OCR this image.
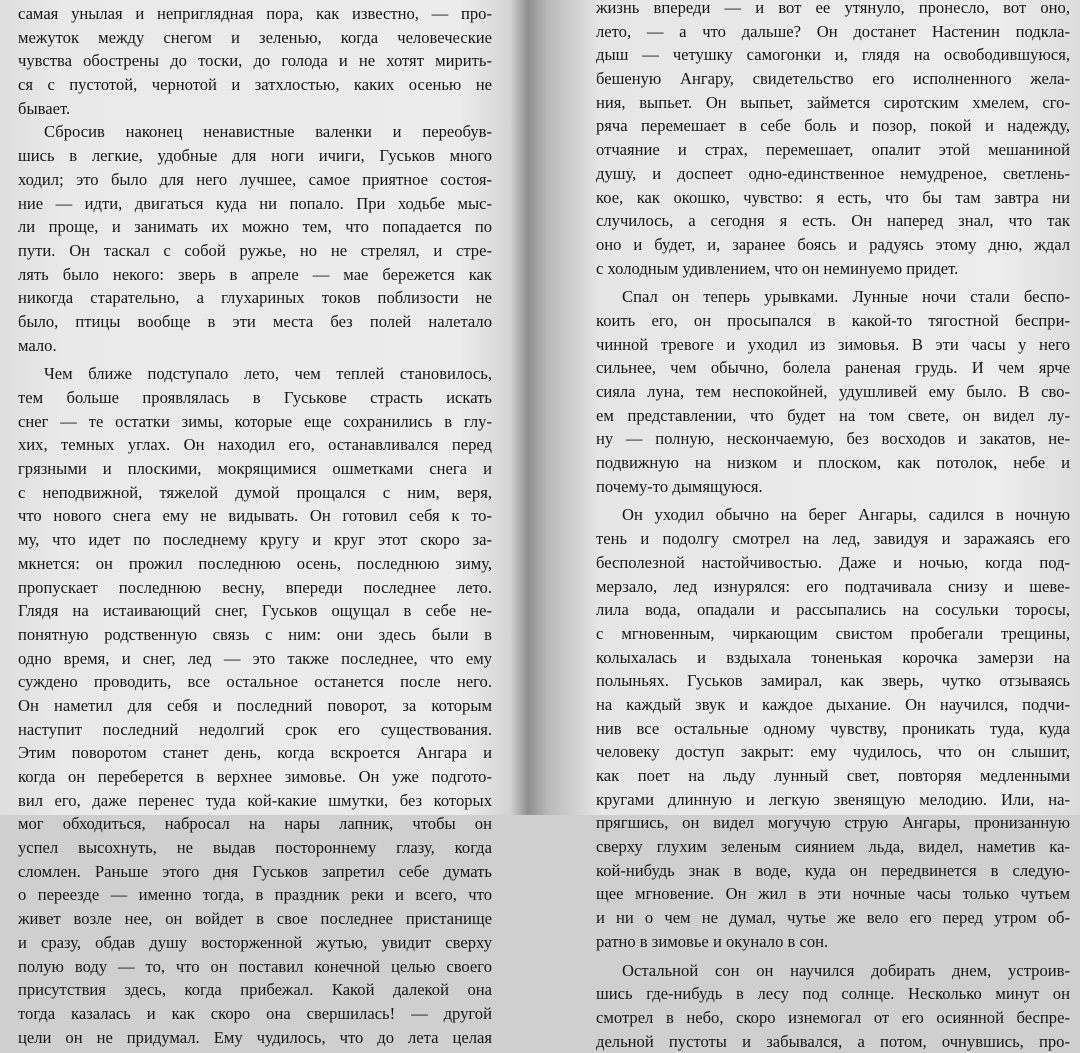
самая унылая и неприглядная пора, как известно, — про-
межуток между снегом и зеленью, когда человеческие
чувства обострены до тоски, до голода и не хотят мирить-
ся с пустотой, чернотой и затхлостью, каких осенью не
бывает.
Сбросив наконец ненавистные валенки и переобув-
шись в легкие, удобные для ноги ичиги, Гуськов много
ходил; это было для него лучшее, самое приятное состоя-
ние — идти, двигаться куда ни попало. При ходьбе мыс-
ли проще, и занимать их можно тем, что попадается по
пути. Он таскал с собой ружье, но не стрелял, и стре-
лять было некого: зверь в апреле — мае бережется как
никогда старательно, а глухариных токов поблизости не
было, птицы вообще в эти места без полей налетало
мало.
Чем ближе подступало лето, чем теплей становилось,
тем больше проявлялась в Гуськове страсть искать
снег — те остатки зимы, которые еще сохранились в глу-
хих, темных углах. Он находил его, останавливался перед
грязными и плоскими, мокрящимися ошметками снега и
с неподвижной, тяжелой думой прощался с ним, веря,
что нового снега ему не видывать. Он готовил себя к то-
му, что идет по последнему кругу и круг этот скоро за-
мкнется: он прожил последнюю осень, последнюю зиму,
пропускает последнюю весну, впереди последнее лето.
Глядя на истаивающий снег, Гуськов ощущал в себе не-
понятную родственную связь с ним: они здесь были в
одно время, и снег, лед — это также последнее, что ему
суждено проводить, все остальное останется после него.
Он наметил для себя и последний поворот, за которым
наступит последний недолгий срок его существования.
Этим поворотом станет день, когда вскроется Ангара и
когда он переберется в верхнее зимовье. Он уже подгото-
вил его, даже перенес туда кой-какие шмутки, без которых
мог обходиться, набросал на нары лапник, чтобы он
успел высохнуть, не выдав постороннему глазу, когда
сломлен. Раньше этого дня Гуськов запретил себе думать
о переезде — именно тогда, в праздник реки и всего, что
живет возле нее, он войдет в свое последнее пристанище
и сразу, обдав душу восторженной жутью, увидит сверху
полую воду — то, что он поставил конечной целью своего
присутствия здесь, когда прибежал. Какой далекой она
тогда казалась и как скоро она свершилась! — другой
цели он не придумал. Ему чудилось, что до лета целая
жизнь впереди — и вот ее утянуло, пронесло, вот оно,
лето, — а что дальше? Он достанет Настенин подкла-
дыш — четушку самогонки и, глядя на освободившуюся,
бешеную Ангару, свидетельство его исполненного жела-
ния, выпьет. Он выпьет, займется сиротским хмелем, сго-
ряча перемешает в себе боль и позор, покой и надежду,
отчаяние и страх, перемешает, опалит этой мешаниной
душу, и доспеет одно-единственное немудреное, светлень-
кое, как окошко, чувство: я есть, что бы там завтра ни
случилось, а сегодня я есть. Он наперед знал, что так
оно и будет, и, заранее боясь и радуясь этому дню, ждал
с холодным удивлением, что он неминуемо придет.
Спал он теперь урывками. Лунные ночи стали беспо-
коить его, он просыпался в какой-то тягостной беспри-
чинной тревоге и уходил из зимовья. В эти часы у него
сильнее, чем обычно, болела раненая грудь. И чем ярче
сияла луна, тем неспокойней, удушливей ему было. В сво-
ем представлении, что будет на том свете, он видел лу-
ну — полную, нескончаемую, без восходов и закатов, не-
подвижную на низком и плоском, как потолок, небе и
почему-то дымящуюся.
Он уходил обычно на берег Ангары, садился в ночную
тень и подолгу смотрел на лед, завидуя и заражаясь его
бесполезной настойчивостью. Даже и ночью, когда под-
мерзало, лед изнурялся: его подтачивала снизу и шеве-
лила вода, опадали и рассыпались на сосульки торосы,
с мгновенным, чиркающим свистом пробегали трещины,
колыхалась и вздыхала тоненькая корочка замерзи на
полыньях. Гуськов замирал, как зверь, чутко отзываясь
на каждый звук и каждое дыхание. Он научился, подчи-
нив все остальные одному чувству, проникать туда, куда
человеку доступ закрыт: ему чудилось, что он слышит,
как поет на льду лунный свет, повторяя медленными
кругами длинную и легкую звенящую мелодию. Или, на-
прягшись, он видел могучую струю Ангары, пронизанную
сверху глухим зеленым сиянием льда, видел, наметив ка-
кой-нибудь знак в воде, куда он передвинется в следую-
щее мгновение. Он жил в эти ночные часы только чутьем
и ни о чем не думал, чутье же вело его перед утром об-
ратно в зимовье и окунало в сон.
Остальной сон он научился добирать днем, устроив-
шись где-нибудь в лесу под солнце. Несколько минут он
смотрел в небо, скоро изнемогал от его осиянной беспре-
дельной пустоты и забывался, а потом, очнувшись, про-
